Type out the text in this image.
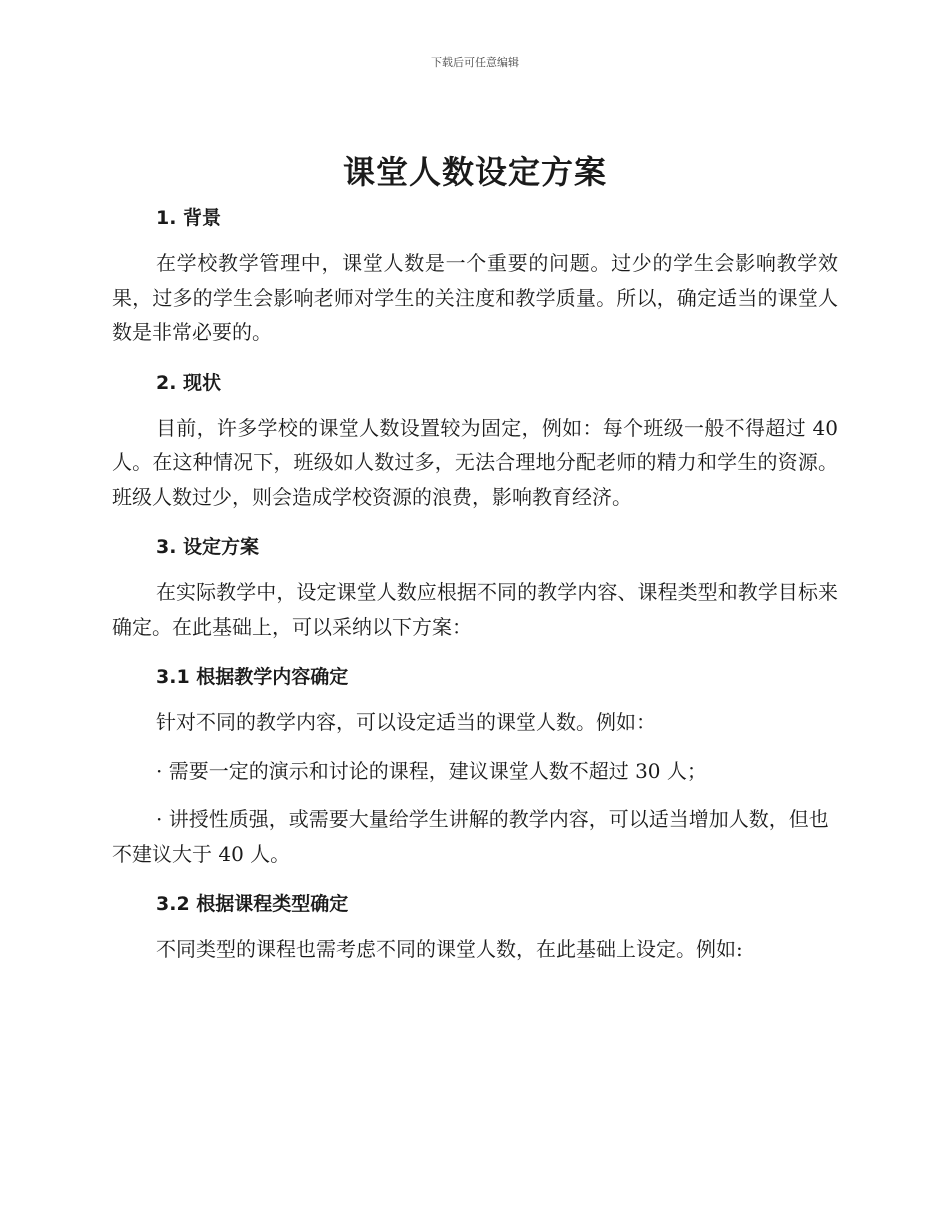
下载后可任意编辑
课堂人数设定方案
1. 背景

在学校教学管理中，课堂人数是一个重要的问题。过少的学生会影响教学效果，过多的学生会影响老师对学生的关注度和教学质量。所以，确定适当的课堂人数是非常必要的。

2. 现状

目前，许多学校的课堂人数设置较为固定，例如：每个班级一般不得超过 40 人。在这种情况下，班级如人数过多，无法合理地分配老师的精力和学生的资源。班级人数过少，则会造成学校资源的浪费，影响教育经济。

3. 设定方案

在实际教学中，设定课堂人数应根据不同的教学内容、课程类型和教学目标来确定。在此基础上，可以采纳以下方案：

3.1 根据教学内容确定

针对不同的教学内容，可以设定适当的课堂人数。例如：

· 需要一定的演示和讨论的课程，建议课堂人数不超过 30 人；

· 讲授性质强，或需要大量给学生讲解的教学内容，可以适当增加人数，但也不建议大于 40 人。

3.2 根据课程类型确定

不同类型的课程也需考虑不同的课堂人数，在此基础上设定。例如:
